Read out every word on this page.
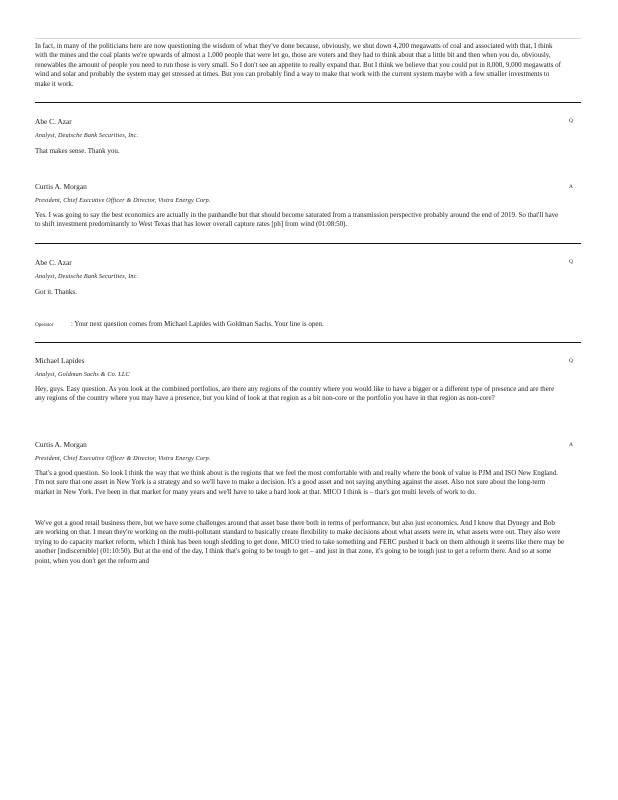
In fact, in many of the politicians here are now questioning the wisdom of what they've done because, obviously, we shut down 4,200 megawatts of coal and associated with that, I think with the mines and the coal plants we're upwards of almost a 1,000 people that were let go, those are voters and they had to think about that a little bit and then when you do, obviously, renewables the amount of people you need to run those is very small. So I don't see an appetite to really expand that. But I think we believe that you could put in 8,000, 9,000 megawatts of wind and solar and probably the system may get stressed at times. But you can probably find a way to make that work with the current system maybe with a few smaller investments to make it work.

Abe C. Azar	Q

Analyst, Deutsche Bank Securities, Inc.

That makes sense. Thank you.

Curtis A. Morgan	A

President, Chief Executive Officer & Director, Vistra Energy Corp.

Yes. I was going to say the best economics are actually in the panhandle but that should become saturated from a transmission perspective probably around the end of 2019. So that'll have to shift investment predominantly to West Texas that has lower overall capture rates [ph] from wind (01:08:50).

Abe C. Azar	Q

Analyst, Deutsche Bank Securities, Inc.

Got it. Thanks.

Operator	: Your next question comes from Michael Lapides with Goldman Sachs. Your line is open.

Michael Lapides	Q

Analyst, Goldman Sachs & Co. LLC

Hey, guys. Easy question. As you look at the combined portfolios, are there any regions of the country where you would like to have a bigger or a different type of presence and are there any regions of the country where you may have a presence, but you kind of look at that region as a bit non-core or the portfolio you have in that region as non-core?

Curtis A. Morgan	A

President, Chief Executive Officer & Director, Vistra Energy Corp.

That's a good question. So look I think the way that we think about is the regions that we feel the most comfortable with and really where the book of value is PJM and ISO New England. I'm not sure that one asset in New York is a strategy and so we'll have to make a decision. It's a good asset and not saying anything against the asset. Also not sure about the long-term market in New York. I've been in that market for many years and we'll have to take a hard look at that. MICO I think is – that's got multi levels of work to do.

We've got a good retail business there, but we have some challenges around that asset base there both in terms of performance, but also just economics. And I know that Dynegy and Bob are working on that. I mean they're working on the multi-pollutant standard to basically create flexibility to make decisions about what assets were in, what assets were out. They also were trying to do capacity market reform, which I think has been tough sledding to get done. MICO tried to take something and FERC pushed it back on them although it seems like there may be another [indiscernible] (01:10:50). But at the end of the day, I think that's going to be tough to get – and just in that zone, it's going to be tough just to get a reform there. And so at some point, when you don't get the reform and
